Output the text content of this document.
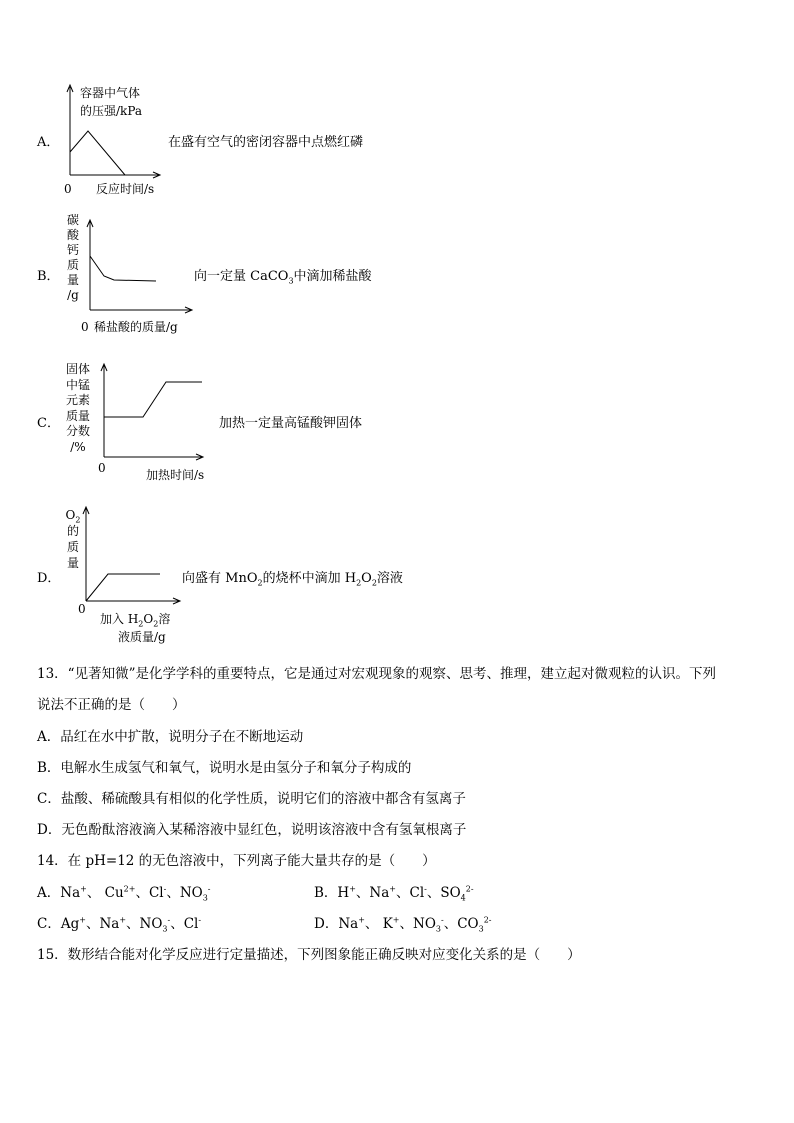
A．
容器中气体
的压强/kPa
0 反应时间/s
在盛有空气的密闭容器中点燃红磷
B．
碳
酸
钙
质
量
/g
0 稀盐酸的质量/g
向一定量 CaCO$_3$中滴加稀盐酸
C．
固体
中锰
元素
质量
分数
/%
0	加热时间/s
加热一定量高锰酸钾固体
D．
$O_2$
的
质
量
0
加入 $H_2O_2$溶
液质量/g
向盛有 MnO$_2$的烧杯中滴加 $H_2O_2$溶液
13．“见著知微”是化学学科的重要特点，它是通过对宏观现象的观察、思考、推理，建立起对微观粒的认识。下列
说法不正确的是（　　）
A．品红在水中扩散，说明分子在不断地运动
B．电解水生成氢气和氧气，说明水是由氢分子和氧分子构成的
C．盐酸、稀硫酸具有相似的化学性质，说明它们的溶液中都含有氢离子
D．无色酚酞溶液滴入某稀溶液中显红色，说明该溶液中含有氢氧根离子
14．在 pH=12 的无色溶液中，下列离子能大量共存的是（　　）
A．Na+、 $Cu^{2+}$、Cl-、$NO_3^-$	B．H+、Na+、Cl-、$SO_4^{2-}$
C．Ag+、Na+、$NO_3^-$、Cl-	D．Na+、 K+、$NO_3^-$、$CO_3^{2-}$
15．数形结合能对化学反应进行定量描述，下列图象能正确反映对应变化关系的是（　　）
